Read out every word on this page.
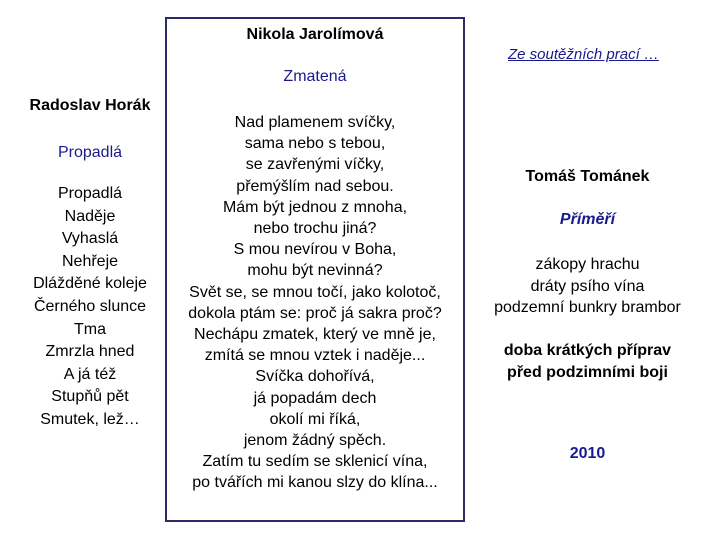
Nikola Jarolímová
Ze soutěžních prací …
Zmatená
Nad plamenem svíčky,
sama nebo s tebou,
se zavřenými víčky,
přemýšlím nad sebou.
Mám být jednou z mnoha,
nebo trochu jiná?
S mou nevírou v Boha,
mohu být nevinná?
Svět se, se mnou točí, jako kolotoč,
dokola ptám se: proč já sakra proč?
Nechápu zmatek, který ve mně je,
zmítá se mnou vztek i naděje...
Svíčka dohořívá,
já popadám dech
okolí mi říká,
jenom žádný spěch.
Zatím tu sedím se sklenicí vína,
po tvářích mi kanou slzy do klína...
Radoslav Horák
Propadlá
Propadlá
Naděje
Vyhaslá
Nehřeje
Dlážděné koleje
Černého slunce
Tma
Zmrzla hned
A já též
Stupňů pět
Smutek, lež…
Tomáš Tománek
Příměří
zákopy hrachu
dráty psího vína
podzemní bunkry brambor
doba krátkých příprav
před podzimními boji
2010
